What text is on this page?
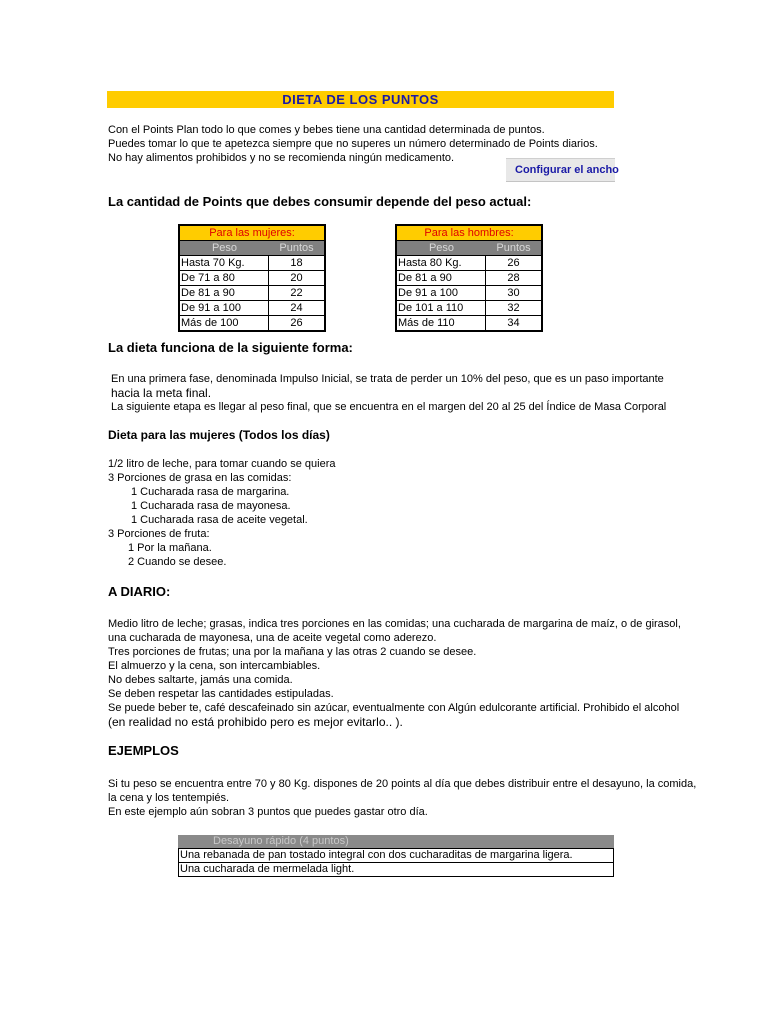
DIETA DE LOS PUNTOS
Con el Points Plan todo lo que comes y bebes tiene una cantidad determinada de puntos.
Puedes tomar lo que te apetezca siempre que no superes un número determinado de Points diarios.
No hay alimentos prohibidos y no se recomienda ningún medicamento.
Configurar el ancho
La cantidad de Points que debes consumir depende del peso actual:
Para las mujeres:
Peso	Puntos
Hasta 70 Kg.	18
De 71 a 80	20
De 81 a 90	22
De 91 a 100	24
Más de 100	26
Para las hombres:
Peso	Puntos
Hasta 80 Kg.	26
De 81 a 90	28
De 91 a 100	30
De 101 a 110	32
Más de 110	34
La dieta funciona de la siguiente forma:
En una primera fase, denominada Impulso Inicial, se trata de perder un 10% del peso, que es un paso importante
hacia la meta final.
La siguiente etapa es llegar al peso final, que se encuentra en el margen del 20 al 25 del Índice de Masa Corporal
Dieta para las mujeres (Todos los días)
1/2 litro de leche, para tomar cuando se quiera
3 Porciones de grasa en las comidas:
1 Cucharada rasa de margarina.
1 Cucharada rasa de mayonesa.
1 Cucharada rasa de aceite vegetal.
3 Porciones de fruta:
1 Por la mañana.
2 Cuando se desee.
A DIARIO:
Medio litro de leche; grasas, indica tres porciones en las comidas; una cucharada de margarina de maíz, o de girasol,
una cucharada de mayonesa, una de aceite vegetal como aderezo.
Tres porciones de frutas; una por la mañana y las otras 2 cuando se desee.
El almuerzo y la cena, son intercambiables.
No debes saltarte, jamás una comida.
Se deben respetar las cantidades estipuladas.
Se puede beber te, café descafeinado sin azúcar, eventualmente con Algún edulcorante artificial. Prohibido el alcohol
(en realidad no está prohibido pero es mejor evitarlo.. ).
EJEMPLOS
Si tu peso se encuentra entre 70 y 80 Kg. dispones de 20 points al día que debes distribuir entre el desayuno, la comida,
la cena y los tentempiés.
En este ejemplo aún sobran 3 puntos que puedes gastar otro día.
Desayuno rápido (4 puntos)
Una rebanada de pan tostado integral con dos cucharaditas de margarina ligera.
Una cucharada de mermelada light.
